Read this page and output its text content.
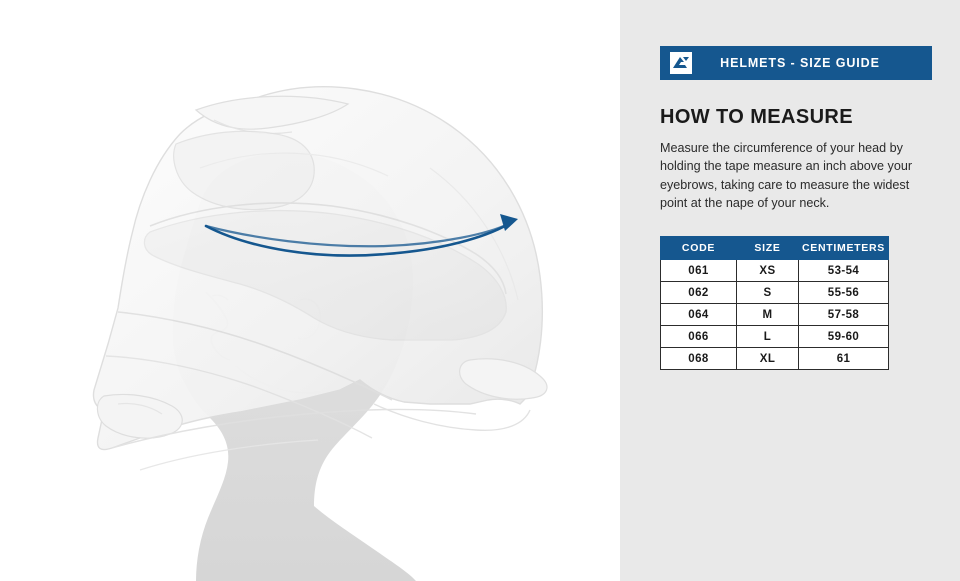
HELMETS - SIZE GUIDE
HOW TO MEASURE

Measure the circumference of your head by holding the tape measure an inch above your eyebrows, taking care to measure the widest point at the nape of your neck.

CODE	SIZE	CENTIMETERS
061	XS	53-54
062	S	55-56
064	M	57-58
066	L	59-60
068	XL	61
